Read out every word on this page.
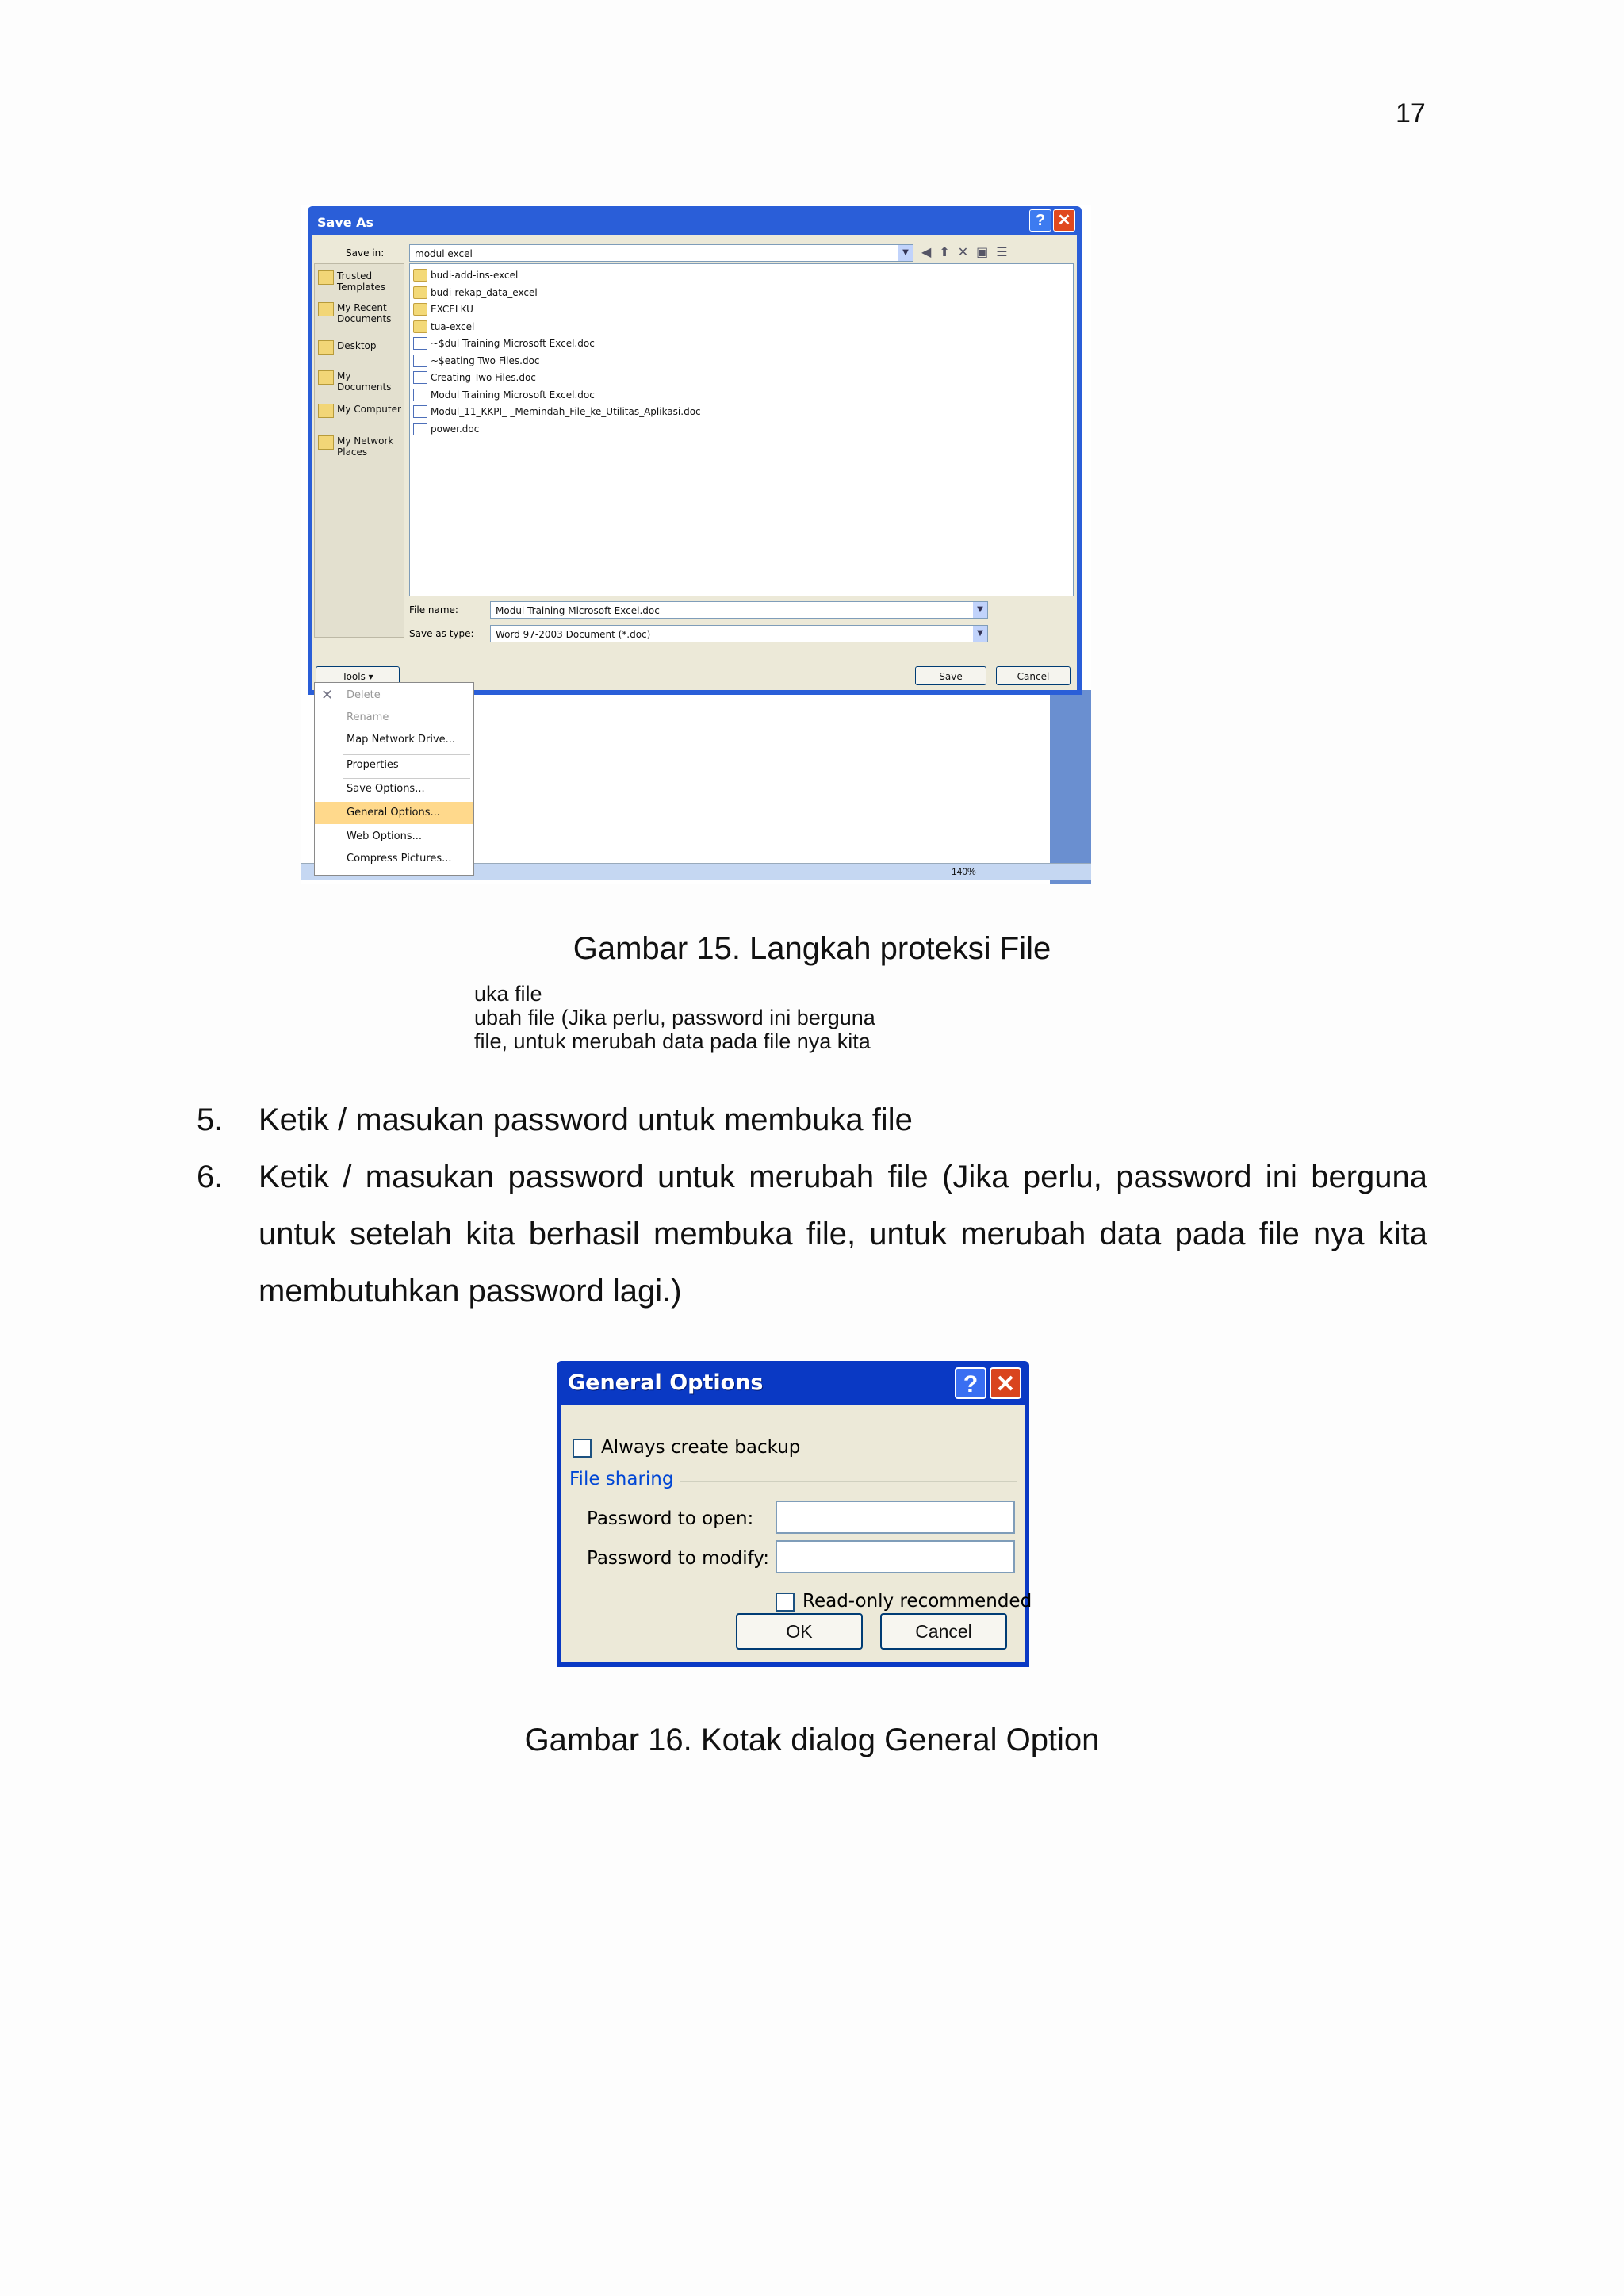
17
uka file
ubah file (Jika perlu, password ini berguna
file, untuk merubah data pada file nya kita
140%
Save As	? ✕
Save in:	modul excel	▼	◀⬆✕▣☰
Trusted Templates
My Recent Documents
Desktop
My Documents
My Computer
My Network Places
budi-add-ins-excel
budi-rekap_data_excel
EXCELKU
tua-excel
~$dul Training Microsoft Excel.doc
~$eating Two Files.doc
Creating Two Files.doc
Modul Training Microsoft Excel.doc
Modul_11_KKPI_-_Memindah_File_ke_Utilitas_Aplikasi.doc
power.doc
File name:	Modul Training Microsoft Excel.doc	▼
Save as type:	Word 97-2003 Document (*.doc)	▼
Tools ▾	Save	Cancel
✕ Delete
Rename
Map Network Drive...
Properties
Save Options...
General Options...
Web Options...
Compress Pictures...
Gambar 15. Langkah proteksi File
5.	Ketik / masukan password untuk membuka file
6.	Ketik / masukan password untuk merubah file (Jika perlu, password ini berguna untuk setelah kita berhasil membuka file, untuk merubah data pada file nya kita membutuhkan password lagi.)
General Options	? ✕
Always create backup
File sharing
Password to open:
Password to modify:
Read-only recommended
OK	Cancel
Gambar 16. Kotak dialog General Option
